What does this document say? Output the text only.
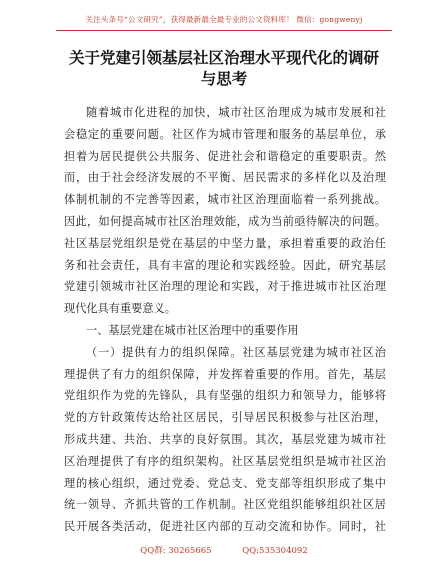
关注头条号“公文研究”，获得最新最全最专业的公文资料库！ 微信：gongwenyj
关于党建引领基层社区治理水平现代化的调研
与思考
随着城市化进程的加快，城市社区治理成为城市发展和社
会稳定的重要问题。社区作为城市管理和服务的基层单位，承
担着为居民提供公共服务、促进社会和谐稳定的重要职责。然
而，由于社会经济发展的不平衡、居民需求的多样化以及治理
体制机制的不完善等因素，城市社区治理面临着一系列挑战。
因此，如何提高城市社区治理效能，成为当前亟待解决的问题。
社区基层党组织是党在基层的中坚力量，承担着重要的政治任
务和社会责任，具有丰富的理论和实践经验。因此，研究基层
党建引领城市社区治理的理论和实践，对于推进城市社区治理
现代化具有重要意义。
一、基层党建在城市社区治理中的重要作用
（一）提供有力的组织保障。社区基层党建为城市社区治
理提供了有力的组织保障，并发挥着重要的作用。首先，基层
党组织作为党的先锋队，具有坚强的组织力和领导力，能够将
党的方针政策传达给社区居民，引导居民积极参与社区治理，
形成共建、共治、共享的良好氛围。其次，基层党建为城市社
区治理提供了有序的组织架构。社区基层党组织是城市社区治
理的核心组织，通过党委、党总支、党支部等组织形成了集中
统一领导、齐抓共管的工作机制。社区党组织能够组织社区居
民开展各类活动，促进社区内部的互动交流和协作。同时，社
QQ群: 30265665	QQ:535304092
